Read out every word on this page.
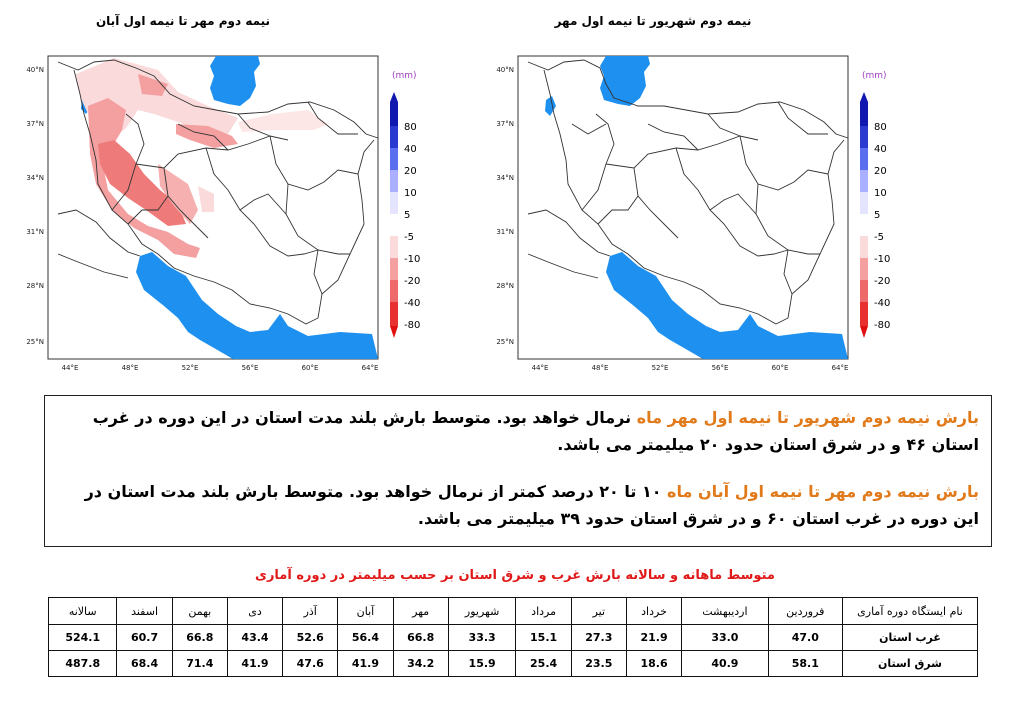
نیمه دوم مهر تا نیمه اول آبان
40°N
37°N
34°N
31°N
28°N
25°N
44°E	48°E	52°E	56°E	60°E	64°E
(mm)
80
40
20
10
5
-5
-10
-20
-40
-80
نیمه دوم شهریور تا نیمه اول مهر
40°N
37°N
34°N
31°N
28°N
25°N
44°E	48°E	52°E	56°E	60°E	64°E
(mm)
80
40
20
10
5
-5
-10
-20
-40
-80

بارش نیمه دوم شهریور تا نیمه اول مهر ماه نرمال خواهد بود. متوسط بارش بلند مدت استان در این دوره در غرب استان ۴۶ و در شرق استان حدود ۲۰ میلیمتر می باشد.

بارش نیمه دوم مهر تا نیمه اول آبان ماه ۱۰ تا ۲۰ درصد کمتر از نرمال خواهد بود. متوسط بارش بلند مدت استان در این دوره در غرب استان ۶۰ و در شرق استان حدود ۳۹ میلیمتر می باشد.

متوسط ماهانه و سالانه بارش غرب و شرق استان بر حسب میلیمتر در دوره آماری
نام ایستگاه دوره آماری	فروردین	اردیبهشت	خرداد	تیر	مرداد	شهریور	مهر	آبان	آذر	دی	بهمن	اسفند	سالانه
غرب استان	47.0	33.0	21.9	27.3	15.1	33.3	66.8	56.4	52.6	43.4	66.8	60.7	524.1
شرق استان	58.1	40.9	18.6	23.5	25.4	15.9	34.2	41.9	47.6	41.9	71.4	68.4	487.8
